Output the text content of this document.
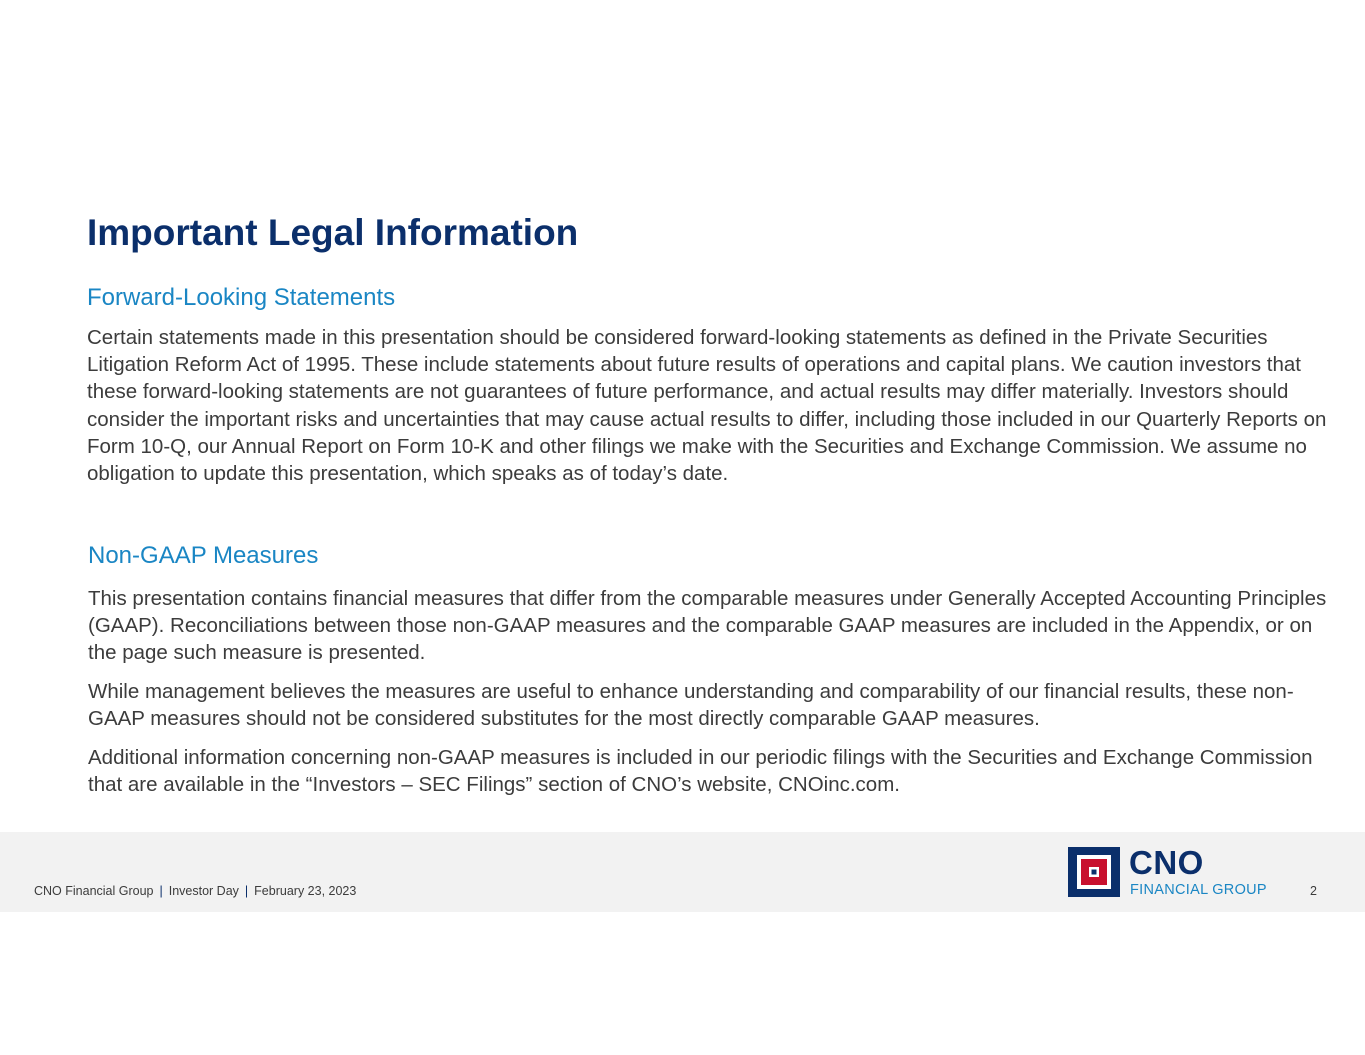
Important Legal Information
Forward-Looking Statements

Certain statements made in this presentation should be considered forward-looking statements as defined in the Private Securities Litigation Reform Act of 1995. These include statements about future results of operations and capital plans. We caution investors that these forward-looking statements are not guarantees of future performance, and actual results may differ materially. Investors should consider the important risks and uncertainties that may cause actual results to differ, including those included in our Quarterly Reports on Form 10-Q, our Annual Report on Form 10-K and other filings we make with the Securities and Exchange Commission. We assume no obligation to update this presentation, which speaks as of today’s date.

Non-GAAP Measures

This presentation contains financial measures that differ from the comparable measures under Generally Accepted Accounting Principles (GAAP). Reconciliations between those non-GAAP measures and the comparable GAAP measures are included in the Appendix, or on the page such measure is presented.

While management believes the measures are useful to enhance understanding and comparability of our financial results, these non-GAAP measures should not be considered substitutes for the most directly comparable GAAP measures.

Additional information concerning non-GAAP measures is included in our periodic filings with the Securities and Exchange Commission that are available in the “Investors – SEC Filings” section of CNO’s website, CNOinc.com.

CNO Financial Group | Investor Day | February 23, 2023
CNO
FINANCIAL GROUP	2
